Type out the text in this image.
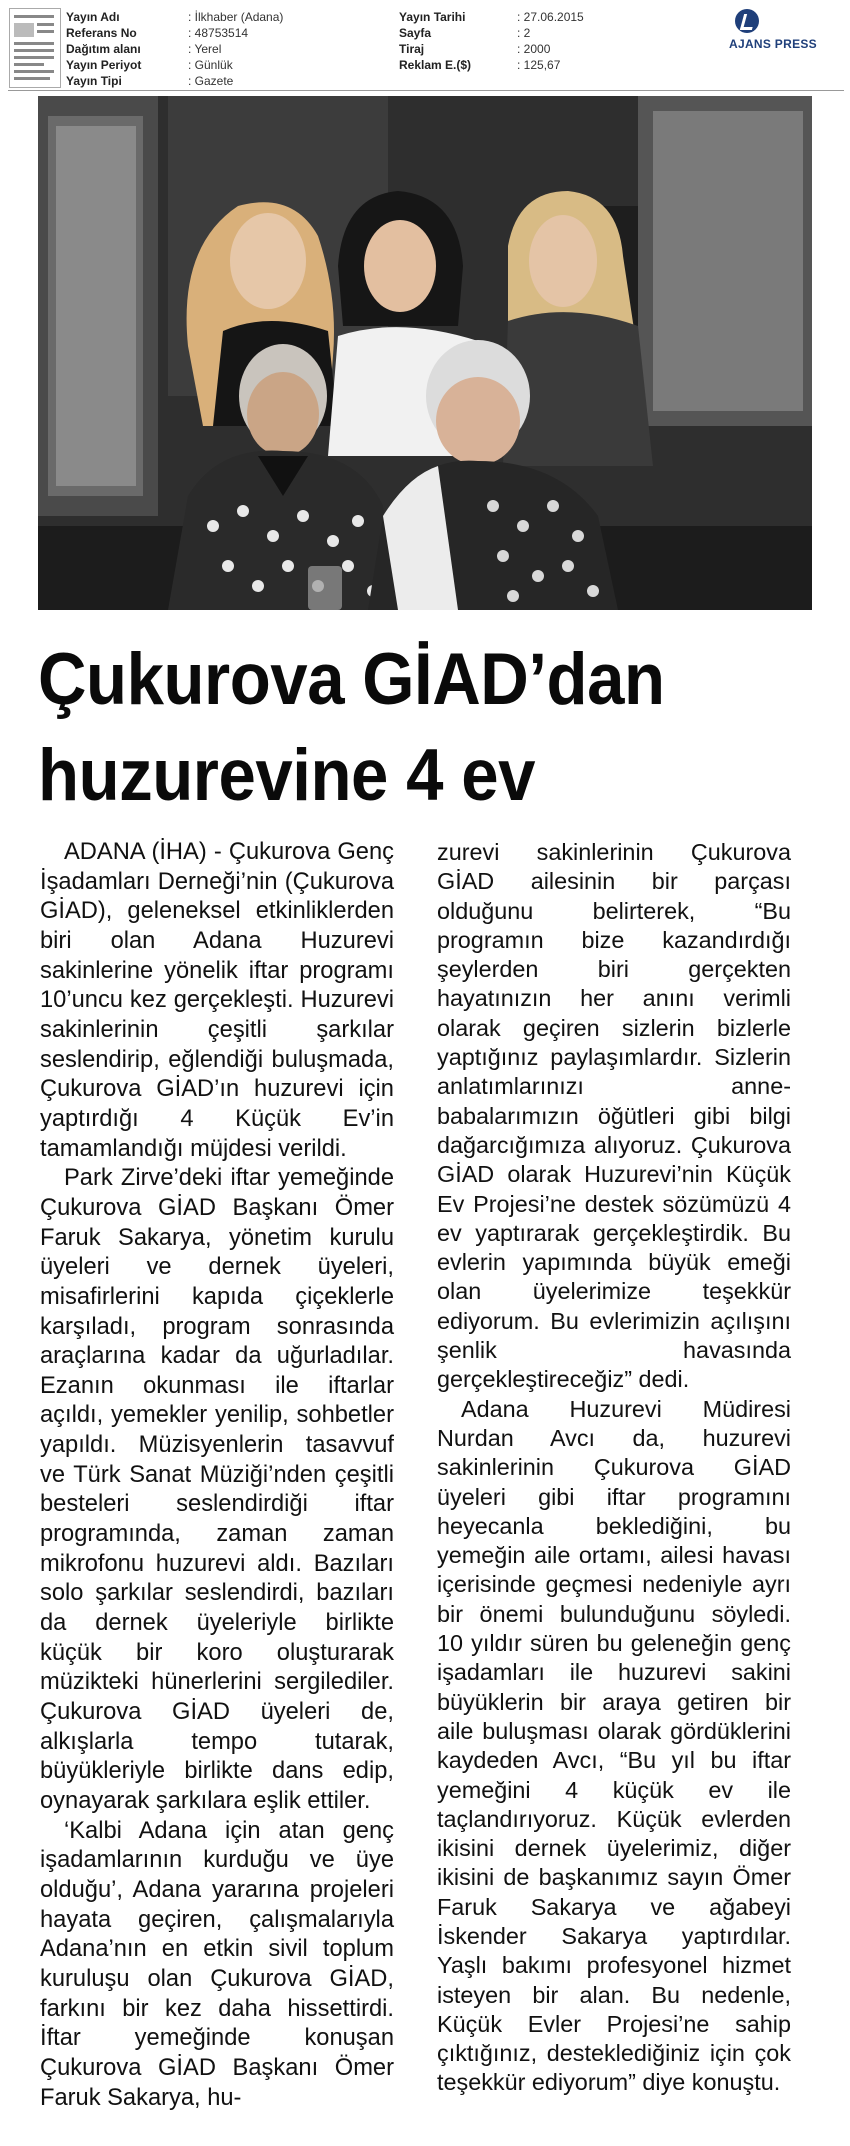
Yayın Adı	: İlkhaber (Adana)
Referans No	: 48753514
Dağıtım alanı	: Yerel
Yayın Periyot	: Günlük
Yayın Tipi	: Gazete
Yayın Tarihi	: 27.06.2015
Sayfa	: 2
Tiraj	: 2000
Reklam E.($)	: 125,67
AJANS PRESS
Çukurova GİAD’dan
huzurevine 4 ev

ADANA (İHA) - Çukurova Genç İşadamları Derneği’nin (Çukurova GİAD), geleneksel etkinliklerden biri olan Adana Huzurevi sakinlerine yönelik iftar programı 10’uncu kez gerçekleşti. Huzurevi sakinlerinin çeşitli şarkılar seslendirip, eğlendiği buluşmada, Çukurova GİAD’ın huzurevi için yaptırdığı 4 Küçük Ev’in tamamlandığı müjdesi verildi.

Park Zirve’deki iftar yemeğinde Çukurova GİAD Başkanı Ömer Faruk Sakarya, yönetim kurulu üyeleri ve dernek üyeleri, misafirlerini kapıda çiçeklerle karşıladı, program sonrasında araçlarına kadar da uğurladılar. Ezanın okunması ile iftarlar açıldı, yemekler yenilip, sohbetler yapıldı. Müzisyenlerin tasavvuf ve Türk Sanat Müziği’nden çeşitli besteleri seslendirdiği iftar programında, zaman zaman mikrofonu huzurevi aldı. Bazıları solo şarkılar seslendirdi, bazıları da dernek üyeleriyle birlikte küçük bir koro oluşturarak müzikteki hünerlerini sergilediler. Çukurova GİAD üyeleri de, alkışlarla tempo tutarak, büyükleriyle birlikte dans edip, oynayarak şarkılara eşlik ettiler.

‘Kalbi Adana için atan genç işadamlarının kurduğu ve üye olduğu’, Adana yararına projeleri hayata geçiren, çalışmalarıyla Adana’nın en etkin sivil toplum kuruluşu olan Çukurova GİAD, farkını bir kez daha hissettirdi. İftar yemeğinde konuşan Çukurova GİAD Başkanı Ömer Faruk Sakarya, hu-

zurevi sakinlerinin Çukurova GİAD ailesinin bir parçası olduğunu belirterek, “Bu programın bize kazandırdığı şeylerden biri gerçekten hayatınızın her anını verimli olarak geçiren sizlerin bizlerle yaptığınız paylaşımlardır. Sizlerin anlatımlarınızı anne-babalarımızın öğütleri gibi bilgi dağarcığımıza alıyoruz. Çukurova GİAD olarak Huzurevi’nin Küçük Ev Projesi’ne destek sözümüzü 4 ev yaptırarak gerçekleştirdik. Bu evlerin yapımında büyük emeği olan üyelerimize teşekkür ediyorum. Bu evlerimizin açılışını şenlik havasında gerçekleştireceğiz” dedi.

Adana Huzurevi Müdiresi Nurdan Avcı da, huzurevi sakinlerinin Çukurova GİAD üyeleri gibi iftar programını heyecanla beklediğini, bu yemeğin aile ortamı, ailesi havası içerisinde geçmesi nedeniyle ayrı bir önemi bulunduğunu söyledi. 10 yıldır süren bu geleneğin genç işadamları ile huzurevi sakini büyüklerin bir araya getiren bir aile buluşması olarak gördüklerini kaydeden Avcı, “Bu yıl bu iftar yemeğini 4 küçük ev ile taçlandırıyoruz. Küçük evlerden ikisini dernek üyelerimiz, diğer ikisini de başkanımız sayın Ömer Faruk Sakarya ve ağabeyi İskender Sakarya yaptırdılar. Yaşlı bakımı profesyonel hizmet isteyen bir alan. Bu nedenle, Küçük Evler Projesi’ne sahip çıktığınız, desteklediğiniz için çok teşekkür ediyorum” diye konuştu.
